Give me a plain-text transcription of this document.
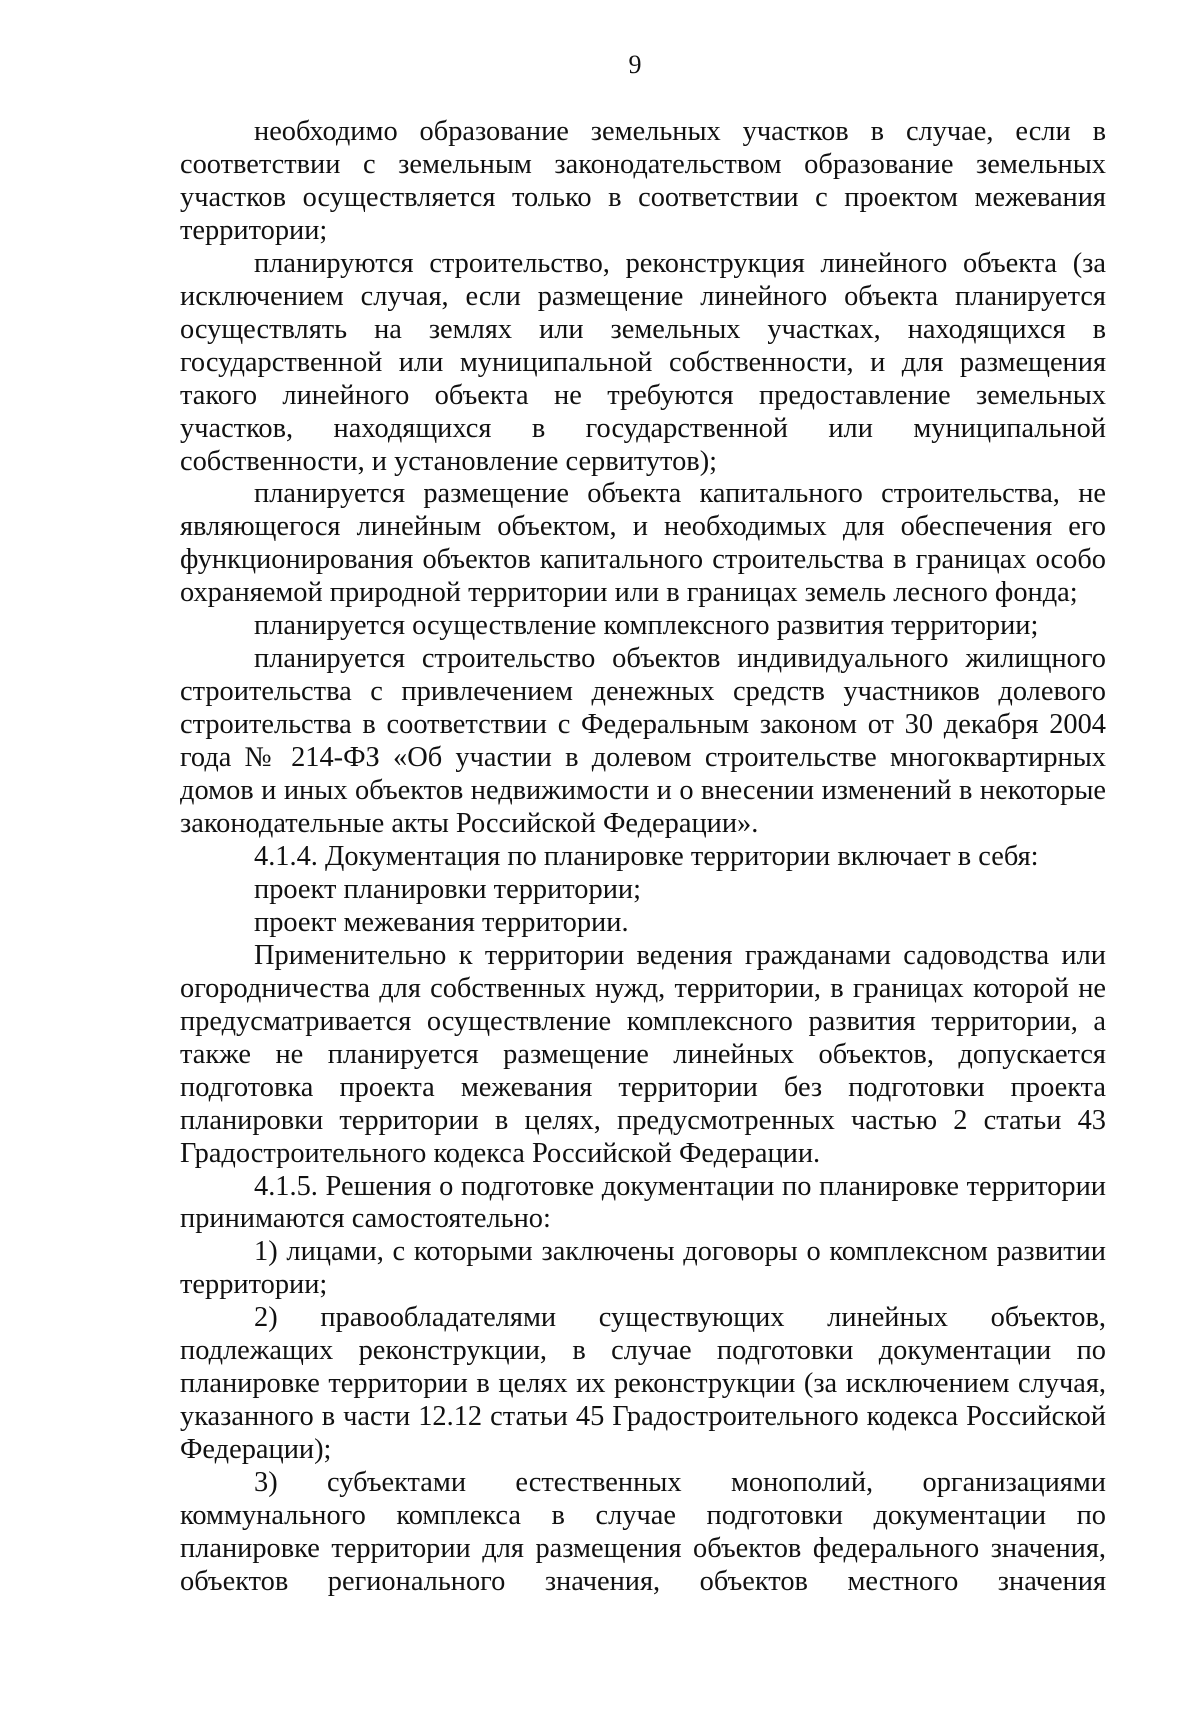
9

необходимо образование земельных участков в случае, если в соответствии с земельным законодательством образование земельных участков осуществляется только в соответствии с проектом межевания территории;

планируются строительство, реконструкция линейного объекта (за исключением случая, если размещение линейного объекта планируется осуществлять на землях или земельных участках, находящихся в государственной или муниципальной собственности, и для размещения такого линейного объекта не требуются предоставление земельных участков, находящихся в государственной или муниципальной собственности, и установление сервитутов);

планируется размещение объекта капитального строительства, не являющегося линейным объектом, и необходимых для обеспечения его функционирования объектов капитального строительства в границах особо охраняемой природной территории или в границах земель лесного фонда;

планируется осуществление комплексного развития территории;

планируется строительство объектов индивидуального жилищного строительства с привлечением денежных средств участников долевого строительства в соответствии с Федеральным законом от 30 декабря 2004 года № 214-ФЗ «Об участии в долевом строительстве многоквартирных домов и иных объектов недвижимости и о внесении изменений в некоторые законодательные акты Российской Федерации».

4.1.4. Документация по планировке территории включает в себя:

проект планировки территории;

проект межевания территории.

Применительно к территории ведения гражданами садоводства или огородничества для собственных нужд, территории, в границах которой не предусматривается осуществление комплексного развития территории, а также не планируется размещение линейных объектов, допускается подготовка проекта межевания территории без подготовки проекта планировки территории в целях, предусмотренных частью 2 статьи 43 Градостроительного кодекса Российской Федерации.

4.1.5. Решения о подготовке документации по планировке территории принимаются самостоятельно:

1) лицами, с которыми заключены договоры о комплексном развитии территории;

2) правообладателями существующих линейных объектов, подлежащих реконструкции, в случае подготовки документации по планировке территории в целях их реконструкции (за исключением случая, указанного в части 12.12 статьи 45 Градостроительного кодекса Российской Федерации);

3) субъектами естественных монополий, организациями коммунального комплекса в случае подготовки документации по планировке территории для размещения объектов федерального значения, объектов регионального значения, объектов местного значения
